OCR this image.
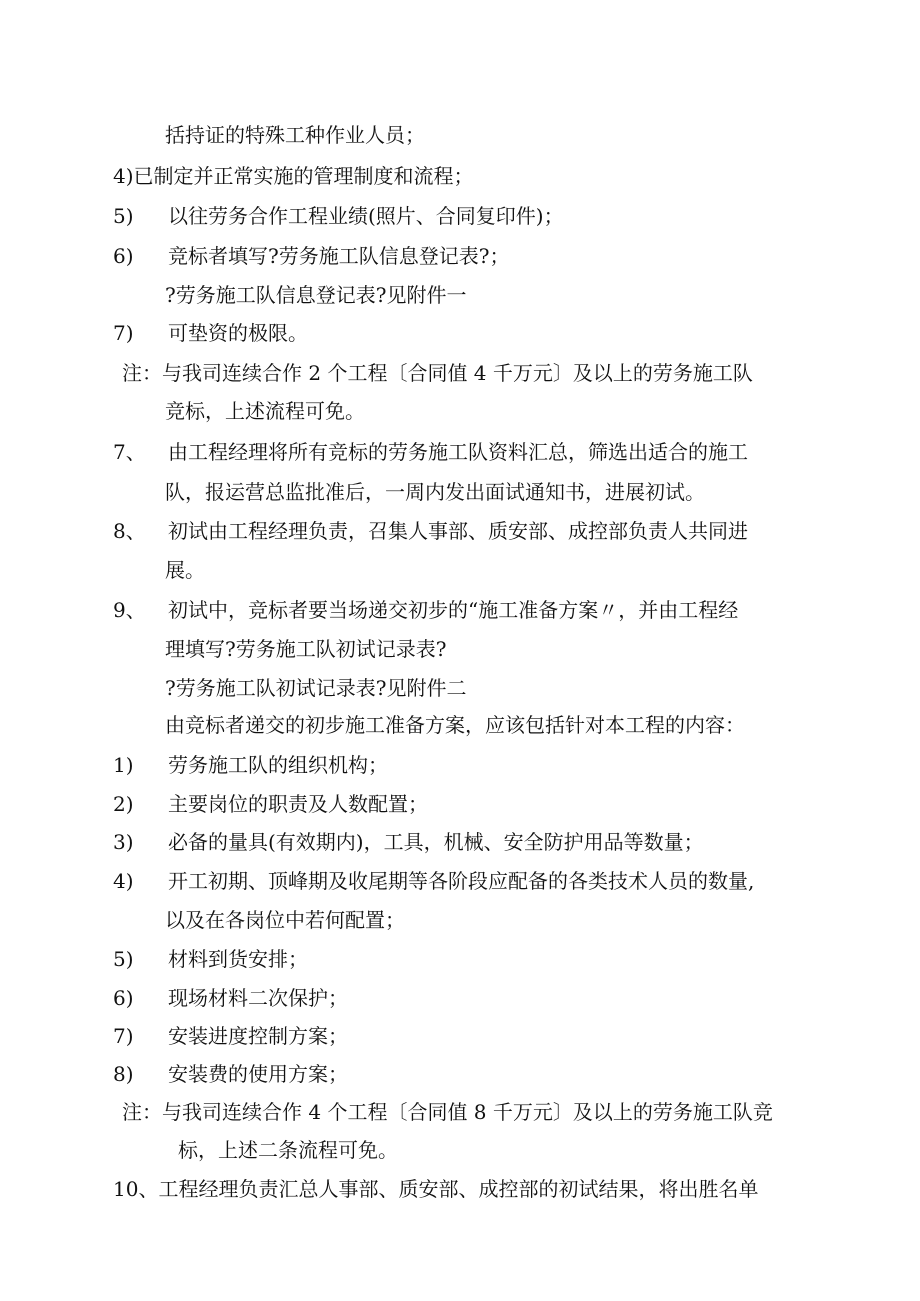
括持证的特殊工种作业人员；
4)已制定并正常实施的管理制度和流程；
5) 以往劳务合作工程业绩(照片、合同复印件)；
6) 竞标者填写?劳务施工队信息登记表?；
?劳务施工队信息登记表?见附件一
7) 可垫资的极限。
注：与我司连续合作 2 个工程〔合同值 4 千万元〕及以上的劳务施工队
竞标，上述流程可免。
7、 由工程经理将所有竞标的劳务施工队资料汇总，筛选出适合的施工
队，报运营总监批准后，一周内发出面试通知书，进展初试。
8、 初试由工程经理负责，召集人事部、质安部、成控部负责人共同进
展。
9、 初试中，竞标者要当场递交初步的“施工准备方案〃，并由工程经
理填写?劳务施工队初试记录表?
?劳务施工队初试记录表?见附件二
由竞标者递交的初步施工准备方案，应该包括针对本工程的内容：
1) 劳务施工队的组织机构；
2) 主要岗位的职责及人数配置；
3) 必备的量具(有效期内)，工具，机械、安全防护用品等数量；
4) 开工初期、顶峰期及收尾期等各阶段应配备的各类技术人员的数量,
以及在各岗位中若何配置；
5) 材料到货安排；
6) 现场材料二次保护；
7) 安装进度控制方案；
8) 安装费的使用方案；
注：与我司连续合作 4 个工程〔合同值 8 千万元〕及以上的劳务施工队竞
标，上述二条流程可免。
10、工程经理负责汇总人事部、质安部、成控部的初试结果，将出胜名单
